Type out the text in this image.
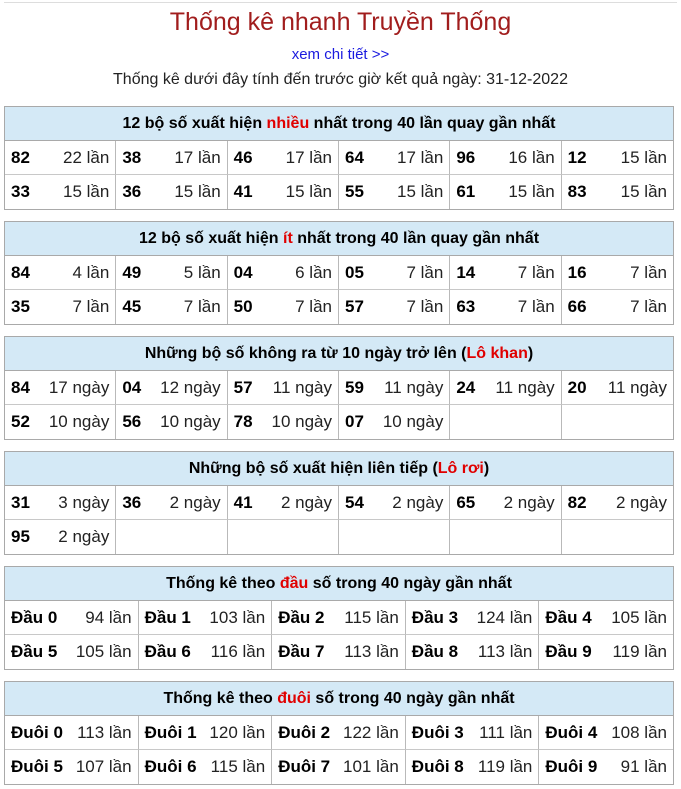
Thống kê nhanh Truyền Thống
xem chi tiết >>
Thống kê dưới đây tính đến trước giờ kết quả ngày: 31-12-2022
12 bộ số xuất hiện nhiều nhất trong 40 lần quay gần nhất
82 22 lần 38 17 lần 46 17 lần 64 17 lần 96 16 lần 12 15 lần
33 15 lần 36 15 lần 41 15 lần 55 15 lần 61 15 lần 83 15 lần
12 bộ số xuất hiện ít nhất trong 40 lần quay gần nhất
84	4 lần 49	5 lần 04	6 lần 05	7 lần 14	7 lần 16	7 lần
35	7 lần 45	7 lần 50	7 lần 57	7 lần 63	7 lần 66	7 lần
Những bộ số không ra từ 10 ngày trở lên (Lô khan)
84 17 ngày 04 12 ngày 57 11 ngày 59 11 ngày 24 11 ngày 20 11 ngày
52 10 ngày 56 10 ngày 78 10 ngày 07 10 ngày
Những bộ số xuất hiện liên tiếp (Lô rơi)
31 3 ngày 36 2 ngày 41 2 ngày 54 2 ngày 65 2 ngày 82 2 ngày
95 2 ngày
Thống kê theo đầu số trong 40 ngày gần nhất
Đầu 0 94 lần Đầu 1 103 lần Đầu 2 115 lần Đầu 3 124 lần Đầu 4 105 lần
Đầu 5 105 lần Đầu 6 116 lần Đầu 7 113 lần Đầu 8 113 lần Đầu 9 119 lần
Thống kê theo đuôi số trong 40 ngày gần nhất
Đuôi 0 113 lần Đuôi 1 120 lần Đuôi 2 122 lần Đuôi 3 111 lần Đuôi 4 108 lần
Đuôi 5 107 lần Đuôi 6 115 lần Đuôi 7 101 lần Đuôi 8 119 lần Đuôi 9 91 lần
